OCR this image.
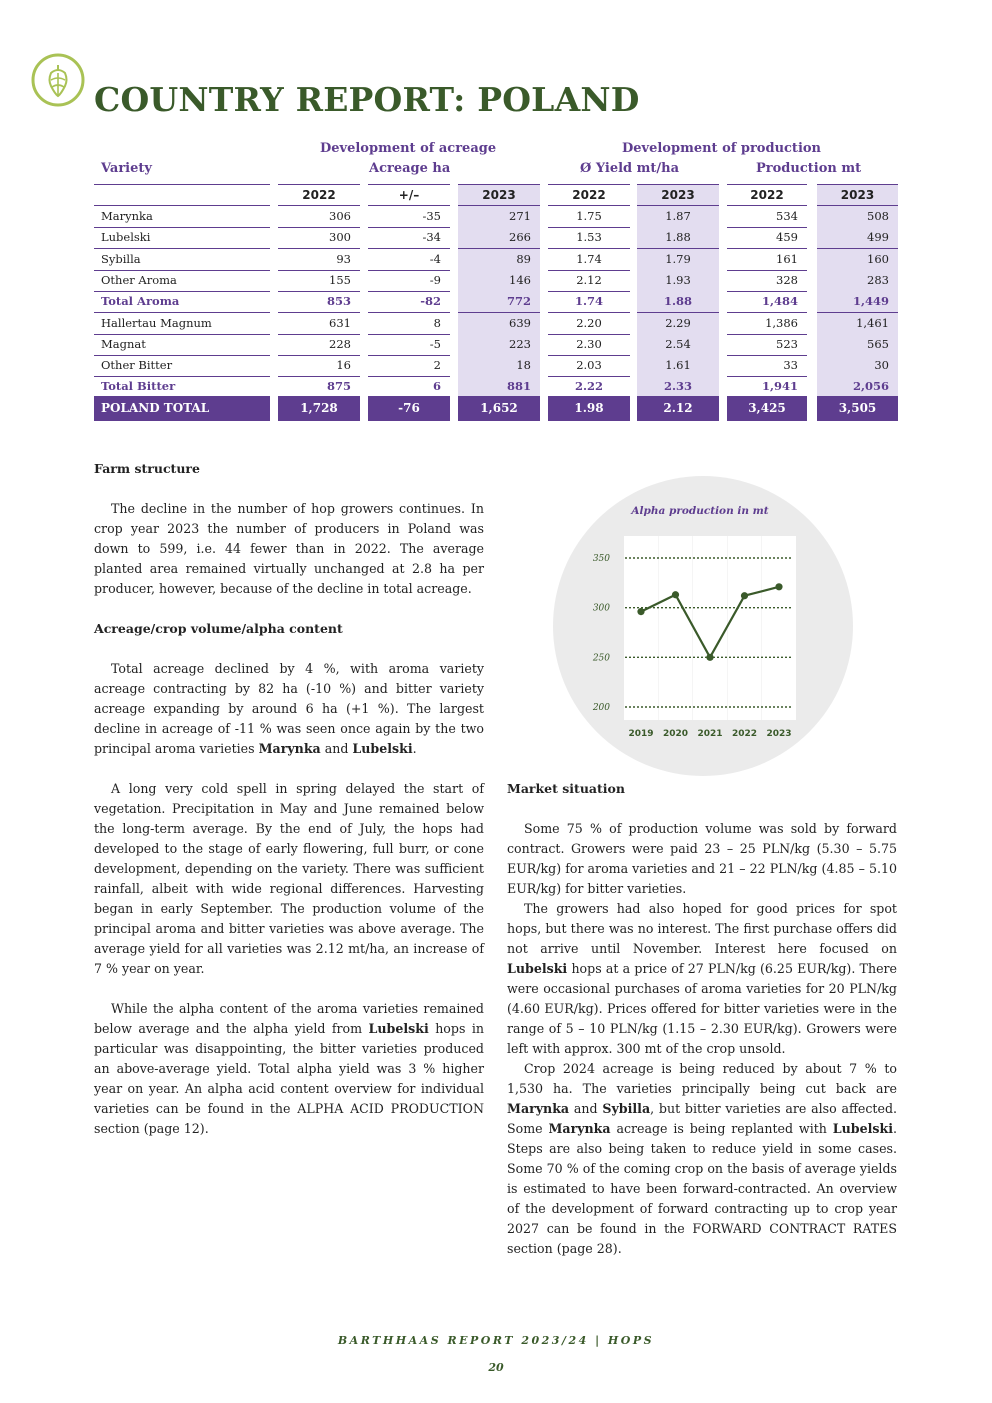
COUNTRY REPORT: POLAND
Development of acreage	Development of production
Variety	Acreage ha	Ø Yield mt/ha	Production mt
2022	+/–	2023	2022	2023	2022	2023
Marynka	306	-35	271	1.75	1.87	534	508
Lubelski	300	-34	266	1.53	1.88	459	499
Sybilla	93	-4	89	1.74	1.79	161	160
Other Aroma	155	-9	146	2.12	1.93	328	283
Total Aroma	853	-82	772	1.74	1.88	1,484	1,449
Hallertau Magnum	631	8	639	2.20	2.29	1,386	1,461
Magnat	228	-5	223	2.30	2.54	523	565
Other Bitter	16	2	18	2.03	1.61	33	30
Total Bitter	875	6	881	2.22	2.33	1,941	2,056
POLAND TOTAL	1,728	-76	1,652	1.98	2.12	3,425	3,505
Farm structure

The decline in the number of hop growers continues. In crop year 2023 the number of producers in Poland was down to 599, i.e. 44 fewer than in 2022. The average planted area remained virtually unchanged at 2.8 ha per producer, however, because of the decline in total acreage.

Acreage/crop volume/alpha content

Total acreage declined by 4 %, with aroma variety acreage contracting by 82 ha (-10 %) and bitter variety acreage expanding by around 6 ha (+1 %). The largest decline in acreage of -11 % was seen once again by the two principal aroma varieties Marynka and Lubelski.

A long very cold spell in spring delayed the start of vegetation. Precipitation in May and June remained below the long-term average. By the end of July, the hops had developed to the stage of early flowering, full burr, or cone development, depending on the variety. There was sufficient rainfall, albeit with wide regional differences. Harvesting began in early September. The production volume of the principal aroma and bitter varieties was above average. The average yield for all varieties was 2.12 mt/ha, an increase of 7 % year on year.

While the alpha content of the aroma varieties remained below average and the alpha yield from Lubelski hops in particular was disappointing, the bitter varieties produced an above-average yield. Total alpha yield was 3 % higher year on year. An alpha acid content overview for individual varieties can be found in the ALPHA ACID PRODUCTION section (page 12).

Alpha production in mt
350
300
250
200
2019 2020 2021 2022 2023
Market situation

Some 75 % of production volume was sold by forward contract. Growers were paid 23 – 25 PLN/kg (5.30 – 5.75 EUR/kg) for aroma varieties and 21 – 22 PLN/kg (4.85 – 5.10 EUR/kg) for bitter varieties.

The growers had also hoped for good prices for spot hops, but there was no interest. The first purchase offers did not arrive until November. Interest here focused on Lubelski hops at a price of 27 PLN/kg (6.25 EUR/kg). There were occasional purchases of aroma varieties for 20 PLN/kg (4.60 EUR/kg). Prices offered for bitter varieties were in the range of 5 – 10 PLN/kg (1.15 – 2.30 EUR/kg). Growers were left with approx. 300 mt of the crop unsold.

Crop 2024 acreage is being reduced by about 7 % to 1,530 ha. The varieties principally being cut back are Marynka and Sybilla, but bitter varieties are also affected. Some Marynka acreage is being replanted with Lubelski. Steps are also being taken to reduce yield in some cases. Some 70 % of the coming crop on the basis of average yields is estimated to have been forward-contracted. An overview of the development of forward contracting up to crop year 2027 can be found in the FORWARD CONTRACT RATES section (page 28).

BARTHHAAS REPORT 2023/24 | HOPS
20
